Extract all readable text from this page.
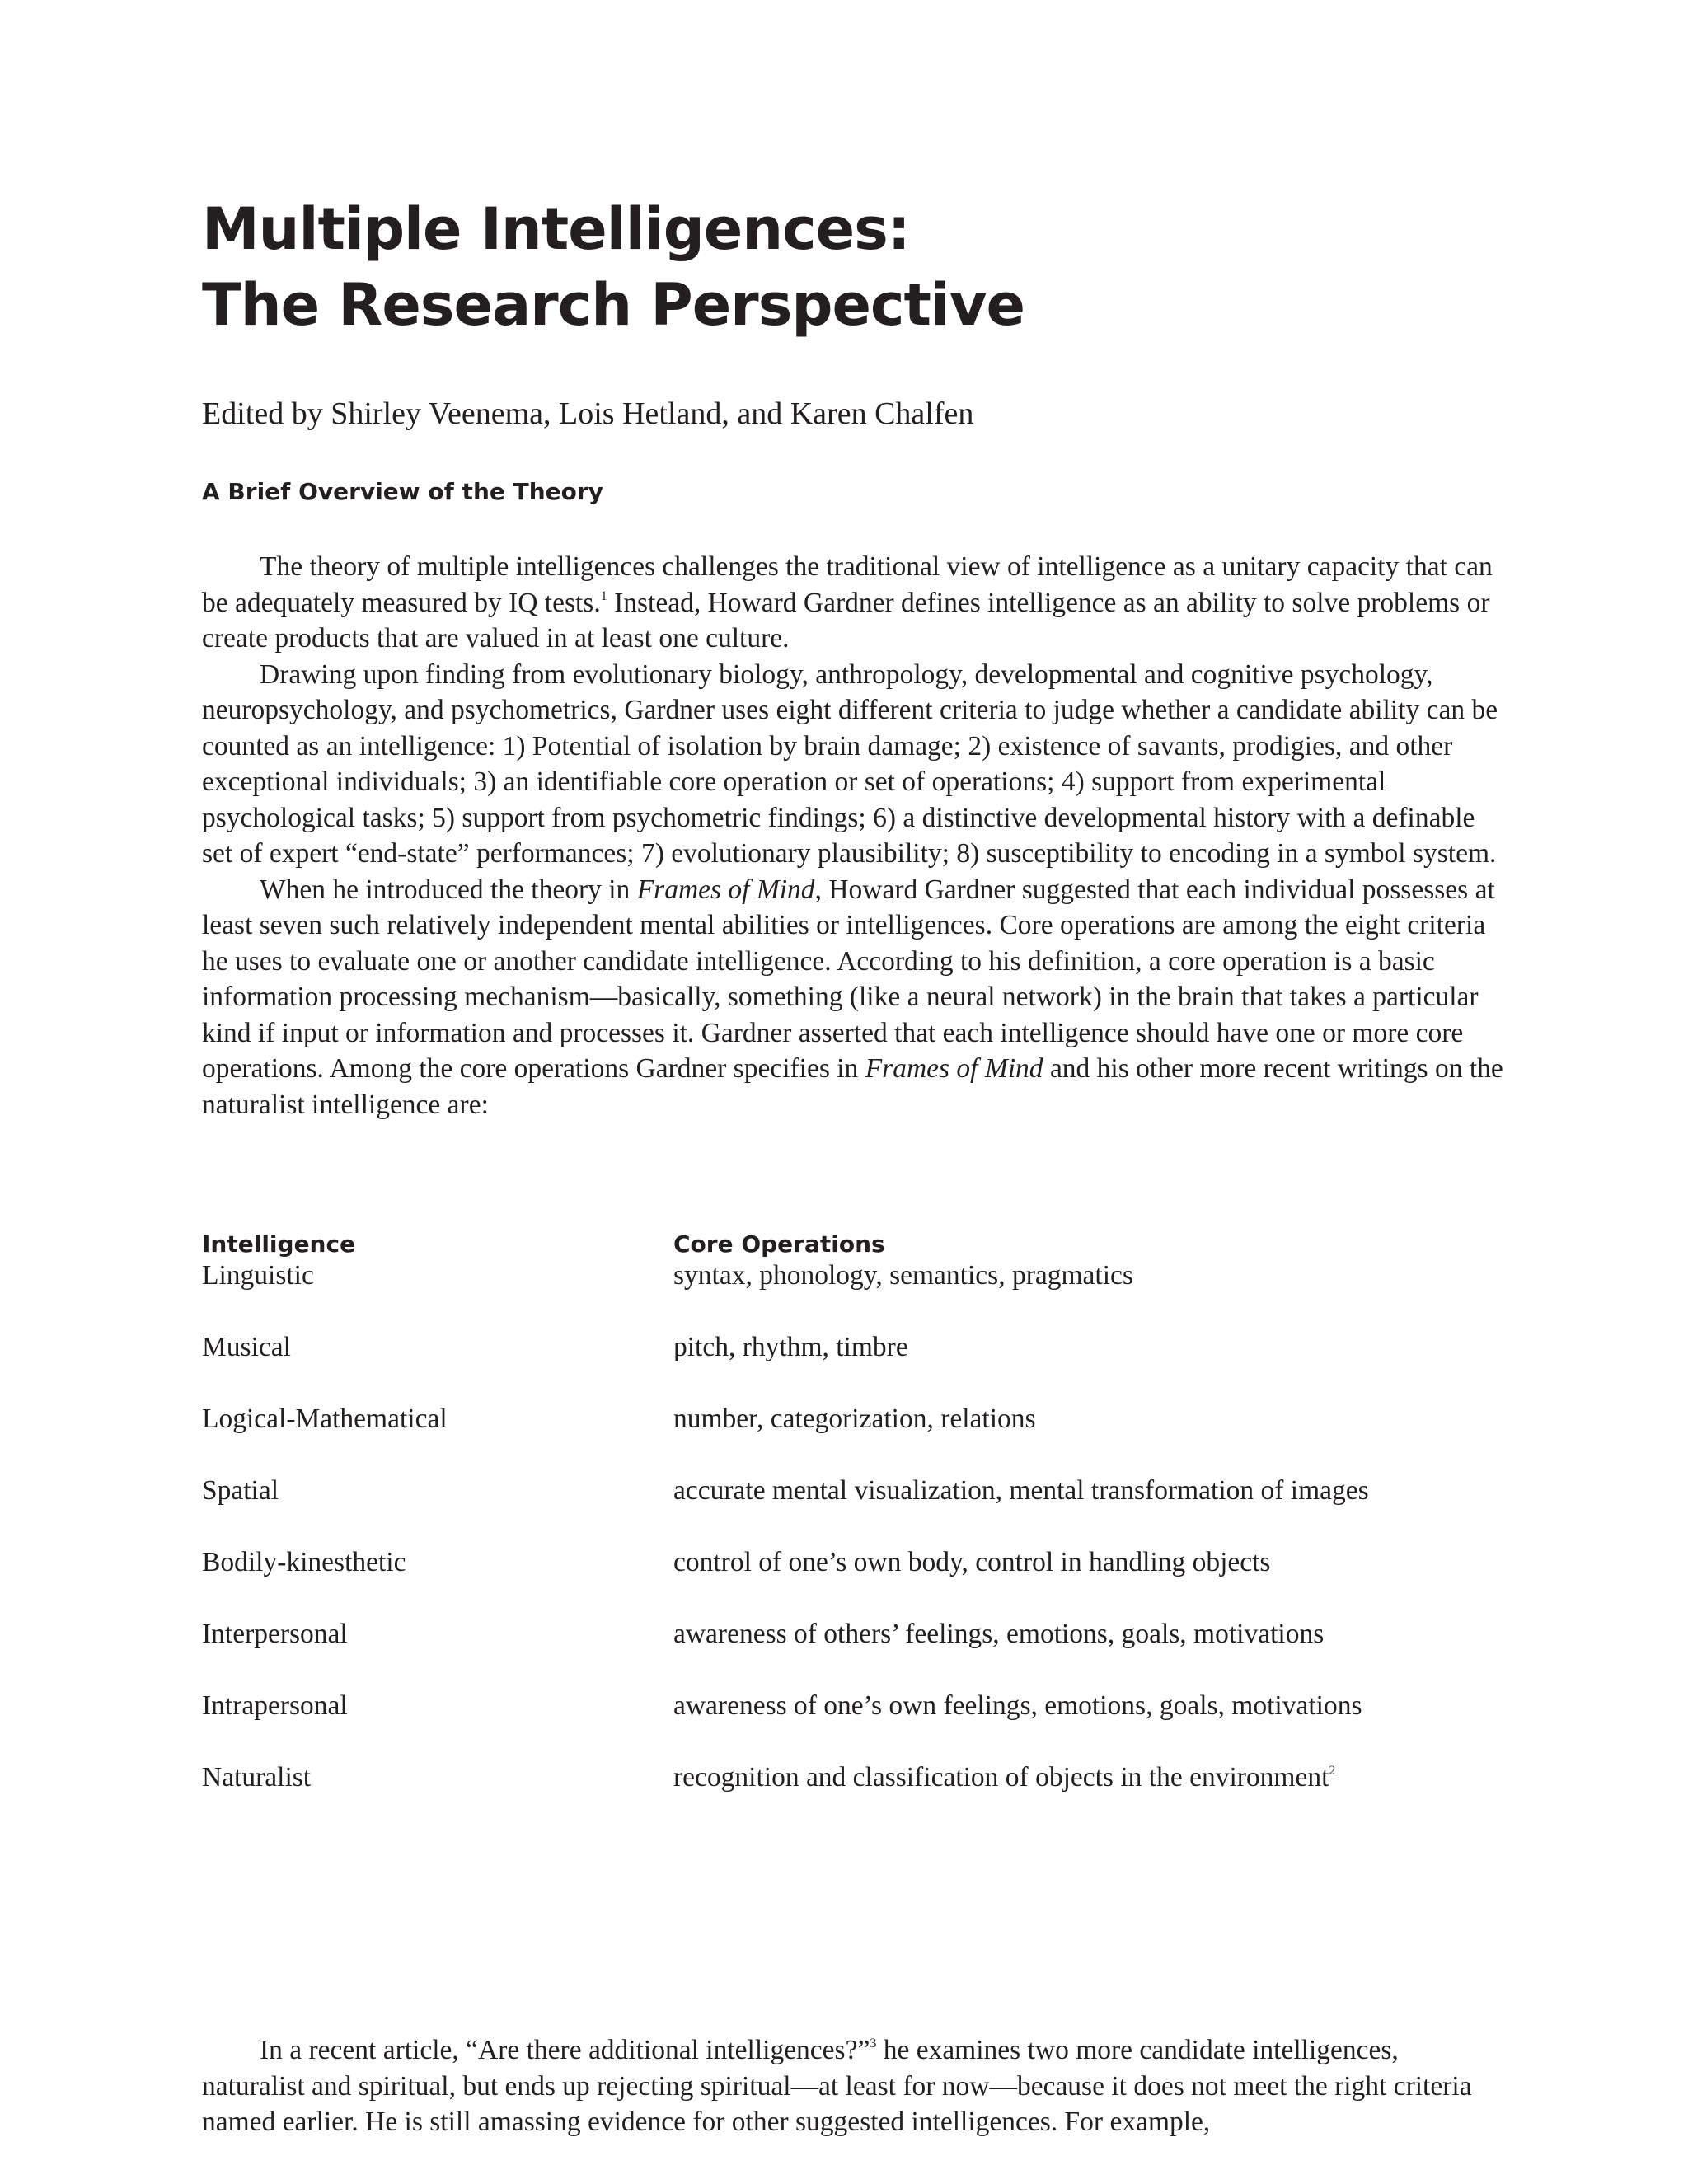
Multiple Intelligences:
The Research Perspective

Edited by Shirley Veenema, Lois Hetland, and Karen Chalfen

A Brief Overview of the Theory

The theory of multiple intelligences challenges the traditional view of intelligence as a unitary capacity that can be adequately measured by IQ tests.$^1$ Instead, Howard Gardner defines intelligence as an ability to solve problems or create products that are valued in at least one culture.

Drawing upon finding from evolutionary biology, anthropology, developmental and cognitive psychology, neuropsychology, and psychometrics, Gardner uses eight different criteria to judge whether a candidate ability can be counted as an intelligence: 1) Potential of isolation by brain damage; 2) existence of savants, prodigies, and other exceptional individuals; 3) an identifiable core operation or set of operations; 4) support from experimental psychological tasks; 5) support from psychometric findings; 6) a distinctive developmental history with a definable set of expert “end-state” performances; 7) evolutionary plausibility; 8) susceptibility to encoding in a symbol system.

When he introduced the theory in Frames of Mind, Howard Gardner suggested that each individual possesses at least seven such relatively independent mental abilities or intelligences. Core operations are among the eight criteria he uses to evaluate one or another candidate intelligence. According to his definition, a core operation is a basic information processing mechanism—basically, something (like a neural network) in the brain that takes a particular kind if input or information and processes it. Gardner asserted that each intelligence should have one or more core operations. Among the core operations Gardner specifies in Frames of Mind and his other more recent writings on the naturalist intelligence are:

Intelligence	Core Operations
Linguistic	syntax, phonology, semantics, pragmatics
Musical	pitch, rhythm, timbre
Logical-Mathematical	number, categorization, relations
Spatial	accurate mental visualization, mental transformation of images
Bodily-kinesthetic	control of one’s own body, control in handling objects
Interpersonal	awareness of others’ feelings, emotions, goals, motivations
Intrapersonal	awareness of one’s own feelings, emotions, goals, motivations
Naturalist	recognition and classification of objects in the environment$^2$

In a recent article, “Are there additional intelligences?”$^3$ he examines two more candidate intelligences, naturalist and spiritual, but ends up rejecting spiritual—at least for now—because it does not meet the right criteria named earlier. He is still amassing evidence for other suggested intelligences. For example,
